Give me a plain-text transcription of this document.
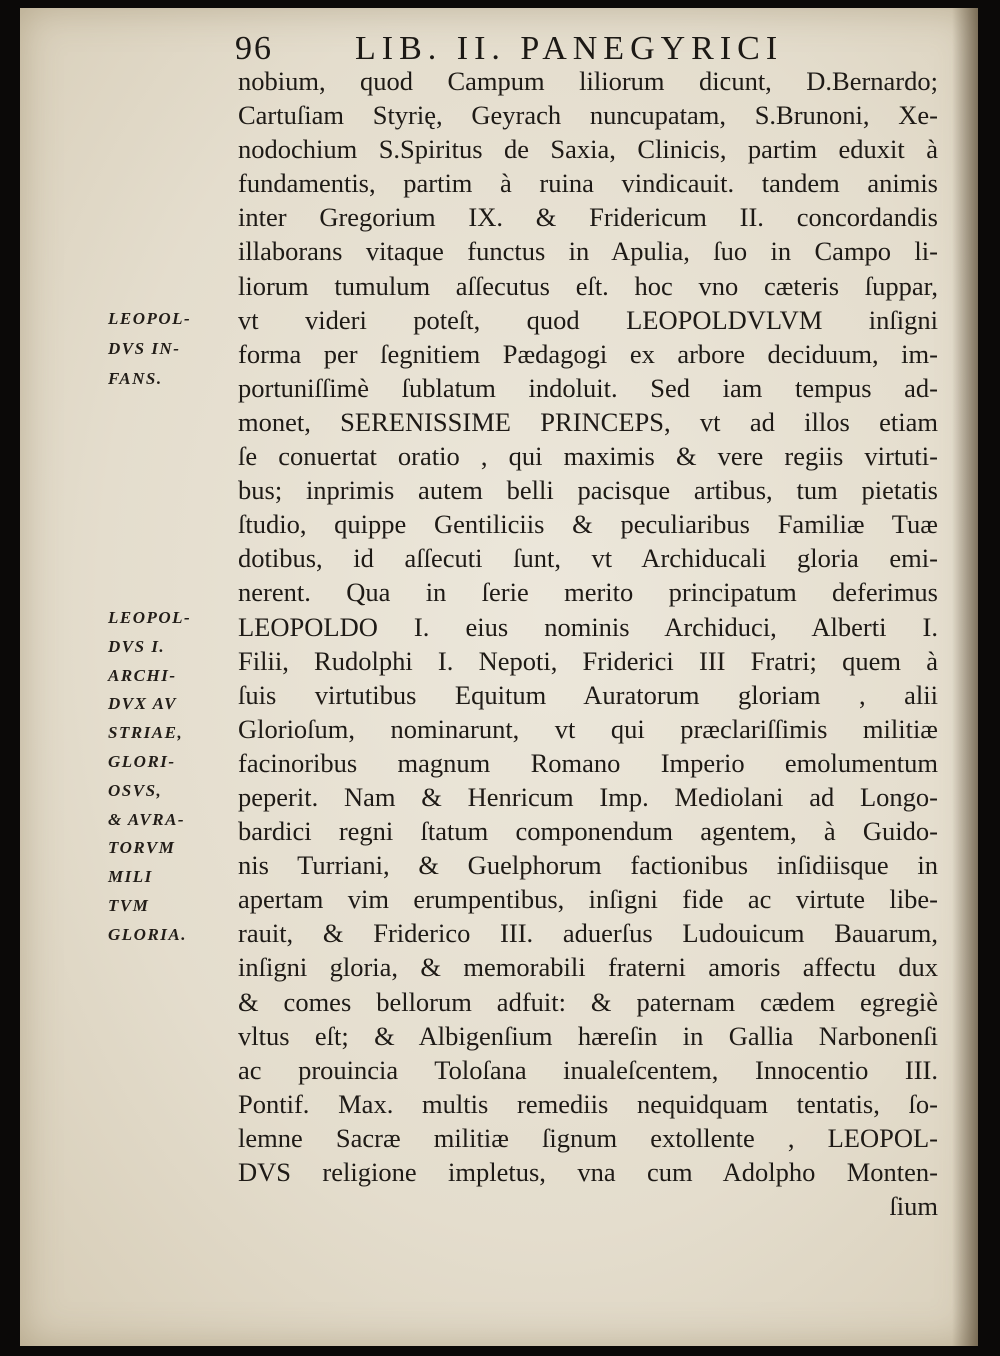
96 LIB. II. PANEGYRICI
nobium, quod Campum liliorum dicunt, D.Bernardo;
Cartuſiam Styrię, Geyrach nuncupatam, S.Brunoni, Xe-
nodochium S.Spiritus de Saxia, Clinicis, partim eduxit à
fundamentis, partim à ruina vindicauit. tandem animis
inter Gregorium IX. & Fridericum II. concordandis
illaborans vitaque functus in Apulia, ſuo in Campo li-
liorum tumulum aſſecutus eſt. hoc vno cæteris ſuppar,
vt videri poteſt, quod LEOPOLDVLVM inſigni
forma per ſegnitiem Pædagogi ex arbore deciduum, im-
portuniſſimè ſublatum indoluit. Sed iam tempus ad-
monet, SERENISSIME PRINCEPS, vt ad illos etiam
ſe conuertat oratio , qui maximis & vere regiis virtuti-
bus; inprimis autem belli pacisque artibus, tum pietatis
ſtudio, quippe Gentiliciis & peculiaribus Familiæ Tuæ
dotibus, id aſſecuti ſunt, vt Archiducali gloria emi-
nerent. Qua in ſerie merito principatum deferimus
LEOPOLDO I. eius nominis Archiduci, Alberti I.
Filii, Rudolphi I. Nepoti, Friderici III Fratri; quem à
ſuis virtutibus Equitum Auratorum gloriam , alii
Glorioſum, nominarunt, vt qui præclariſſimis militiæ
facinoribus magnum Romano Imperio emolumentum
peperit. Nam & Henricum Imp. Mediolani ad Longo-
bardici regni ſtatum componendum agentem, à Guido-
nis Turriani, & Guelphorum factionibus inſidiisque in
apertam vim erumpentibus, inſigni fide ac virtute libe-
rauit, & Friderico III. aduerſus Ludouicum Bauarum,
inſigni gloria, & memorabili fraterni amoris affectu dux
& comes bellorum adfuit: & paternam cædem egregiè
vltus eſt; & Albigenſium hæreſin in Gallia Narbonenſi
ac prouincia Toloſana inualeſcentem, Innocentio III.
Pontif. Max. multis remediis nequidquam tentatis, ſo-
lemne Sacræ militiæ ſignum extollente , LEOPOL-
DVS religione impletus, vna cum Adolpho Monten-
ſium
LEOPOL-
DVS IN-
FANS.
LEOPOL-
DVS I.
ARCHI-
DVX AV
STRIAE,
GLORI-
OSVS,
& AVRA-
TORVM
MILI
TVM
GLORIA.
